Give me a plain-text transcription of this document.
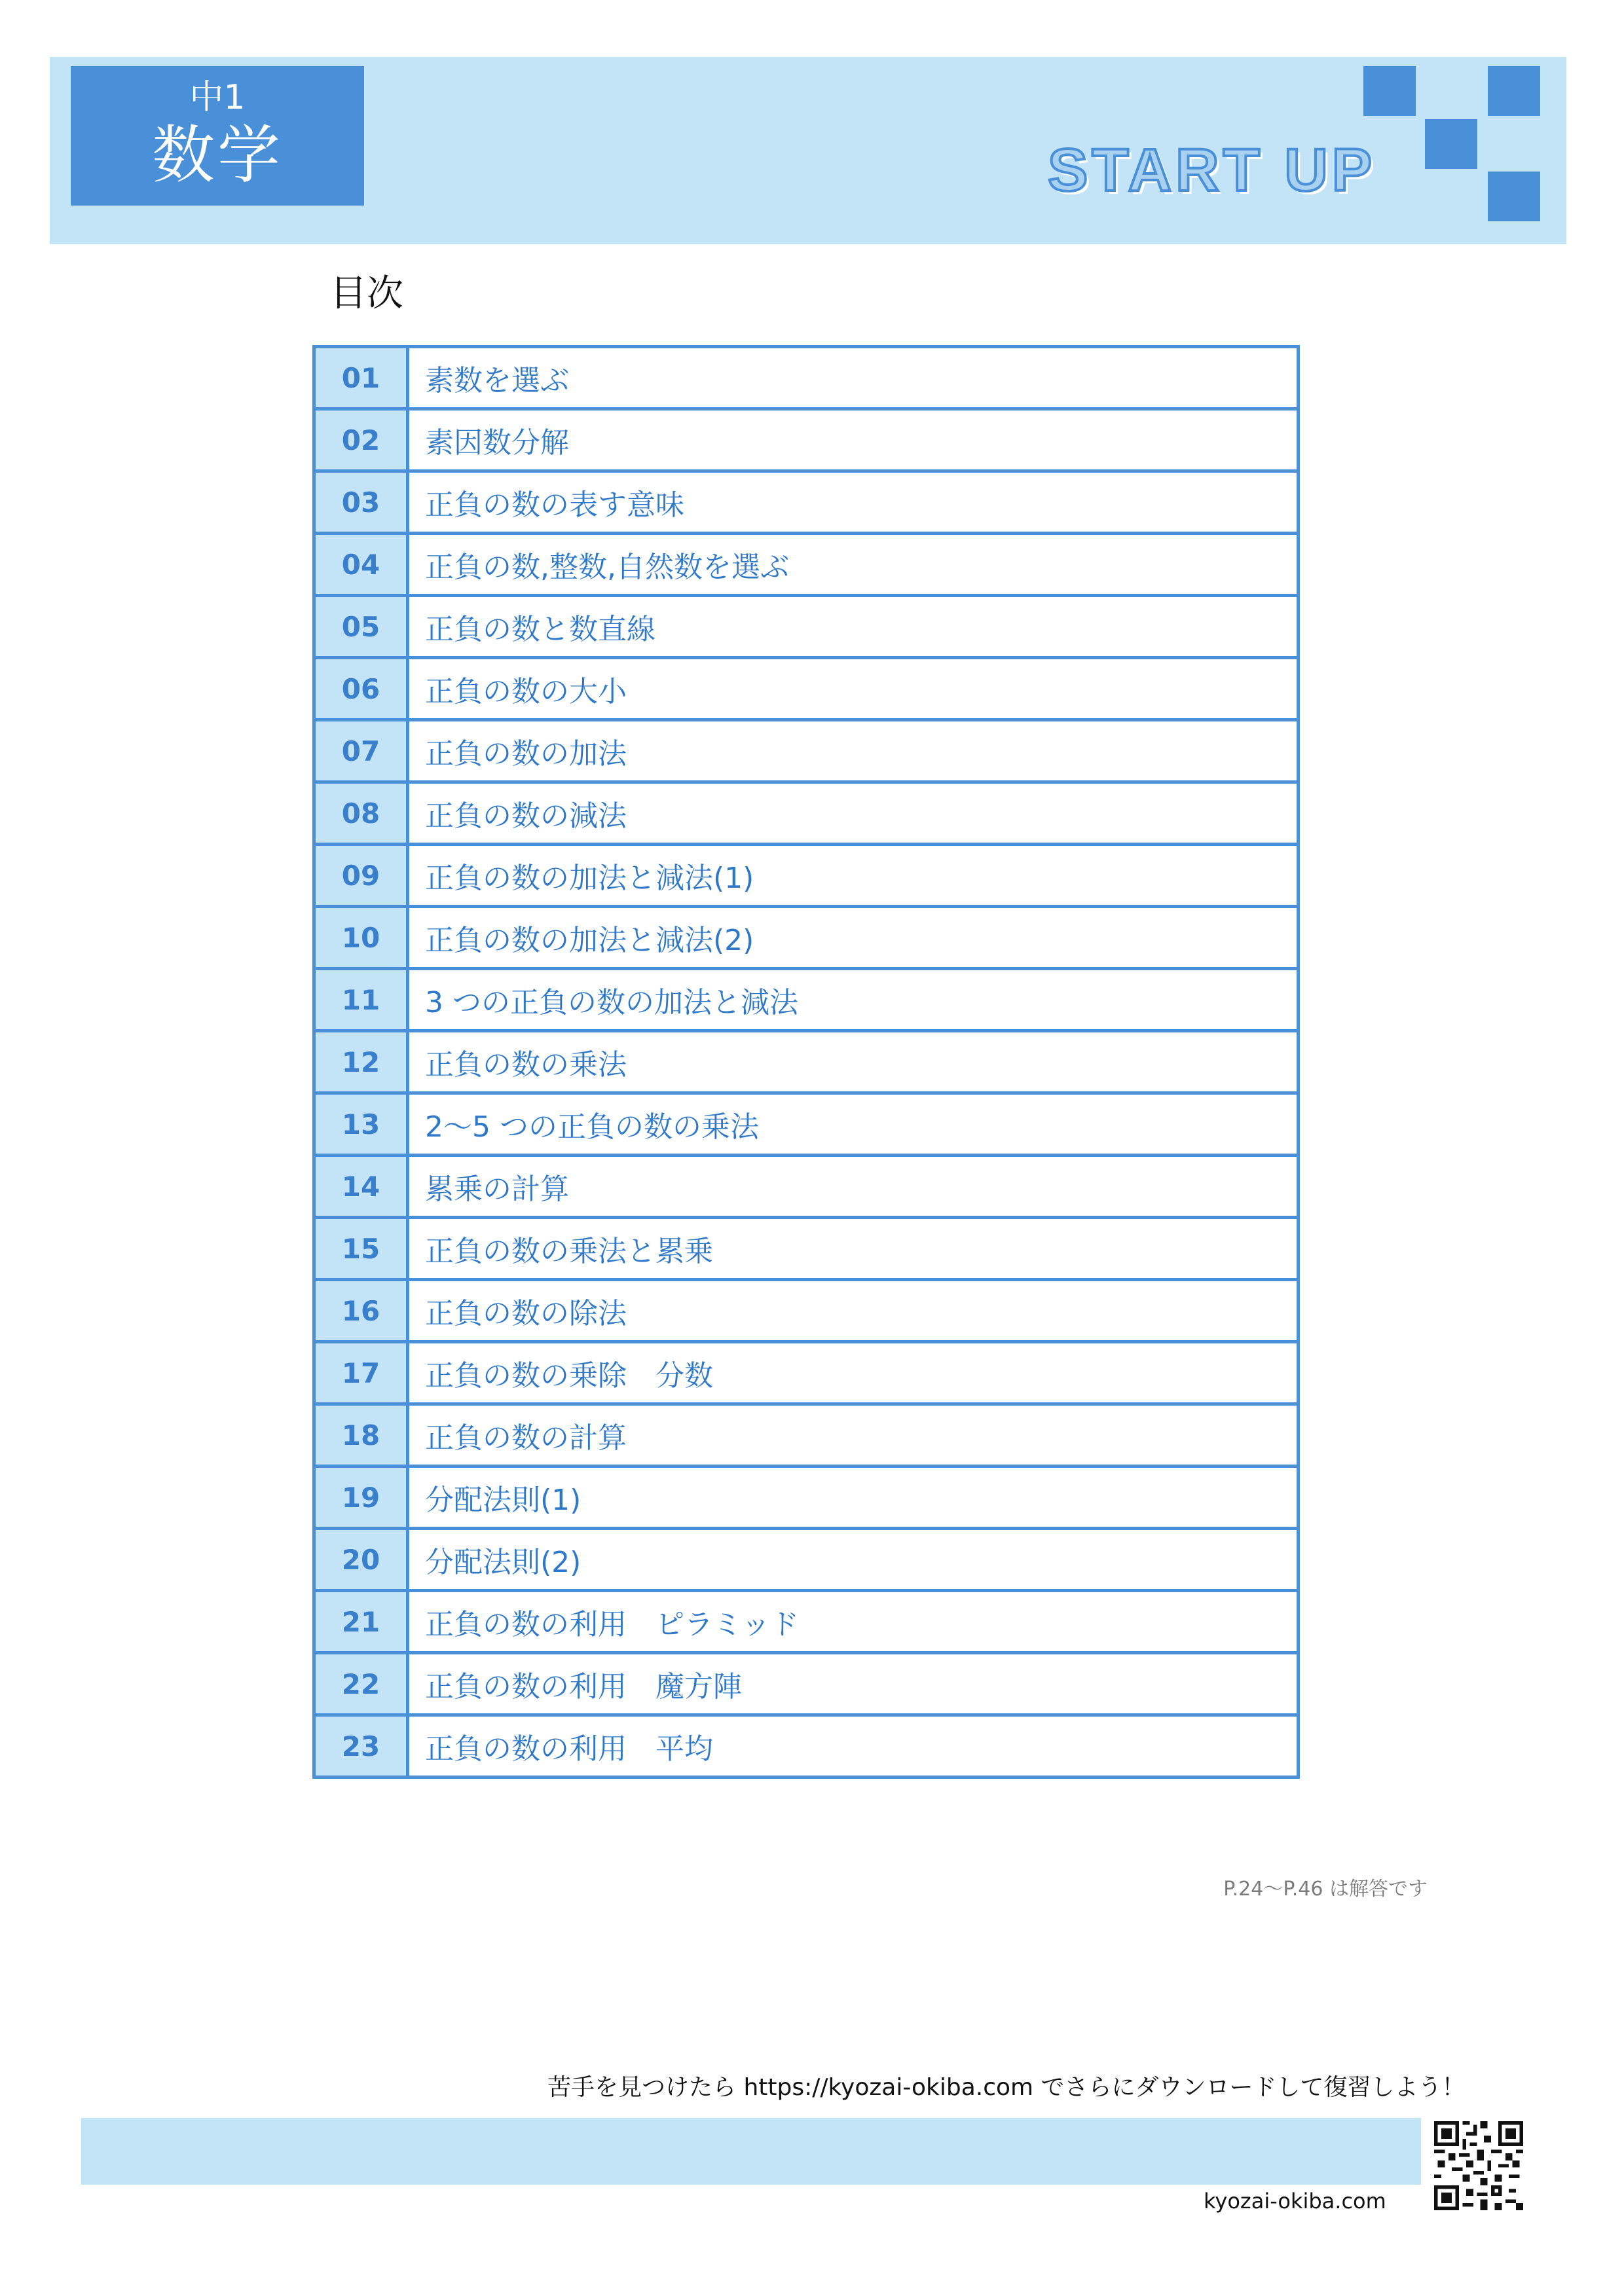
中1
数学	START UP
目次
01	素数を選ぶ
02	素因数分解
03	正負の数の表す意味
04	正負の数,整数,自然数を選ぶ
05	正負の数と数直線
06	正負の数の大小
07	正負の数の加法
08	正負の数の減法
09	正負の数の加法と減法(1)
10	正負の数の加法と減法(2)
11	3 つの正負の数の加法と減法
12	正負の数の乗法
13	2～5 つの正負の数の乗法
14	累乗の計算
15	正負の数の乗法と累乗
16	正負の数の除法
17	正負の数の乗除　分数
18	正負の数の計算
19	分配法則(1)
20	分配法則(2)
21	正負の数の利用　ピラミッド
22	正負の数の利用　魔方陣
23	正負の数の利用　平均
P.24～P.46 は解答です
苦手を見つけたら https://kyozai-okiba.com でさらにダウンロードして復習しよう！
kyozai-okiba.com
